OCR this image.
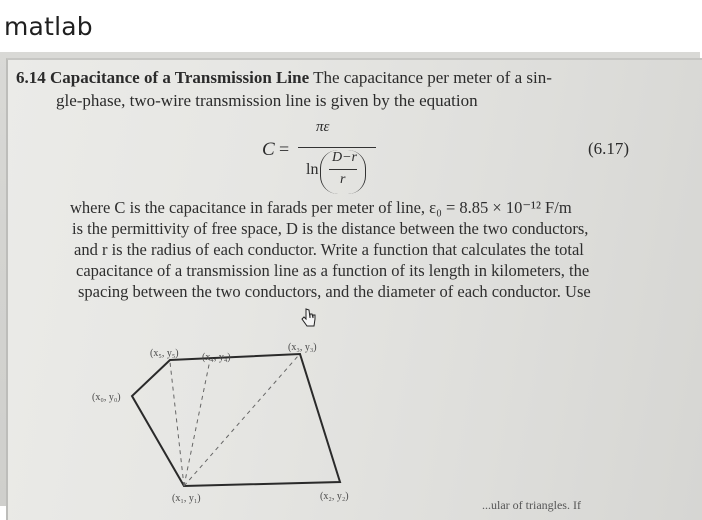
matlab
6.14 Capacitance of a Transmission Line The capacitance per meter of a sin-
gle-phase, two-wire transmission line is given by the equation
C =
πε
ln
D−r
r
(6.17)
where C is the capacitance in farads per meter of line, ε₀ = 8.85 × 10⁻¹² F/m
is the permittivity of free space, D is the distance between the two conductors,
and r is the radius of each conductor. Write a function that calculates the total
capacitance of a transmission line as a function of its length in kilometers, the
spacing between the two conductors, and the diameter of each conductor. Use
(x₅, y₅) (x₄, y₄)
(x₃, y₃)
(x₀, y₀)
(x₁, y₁)	(x₂, y₂)
...ular of triangles. If
